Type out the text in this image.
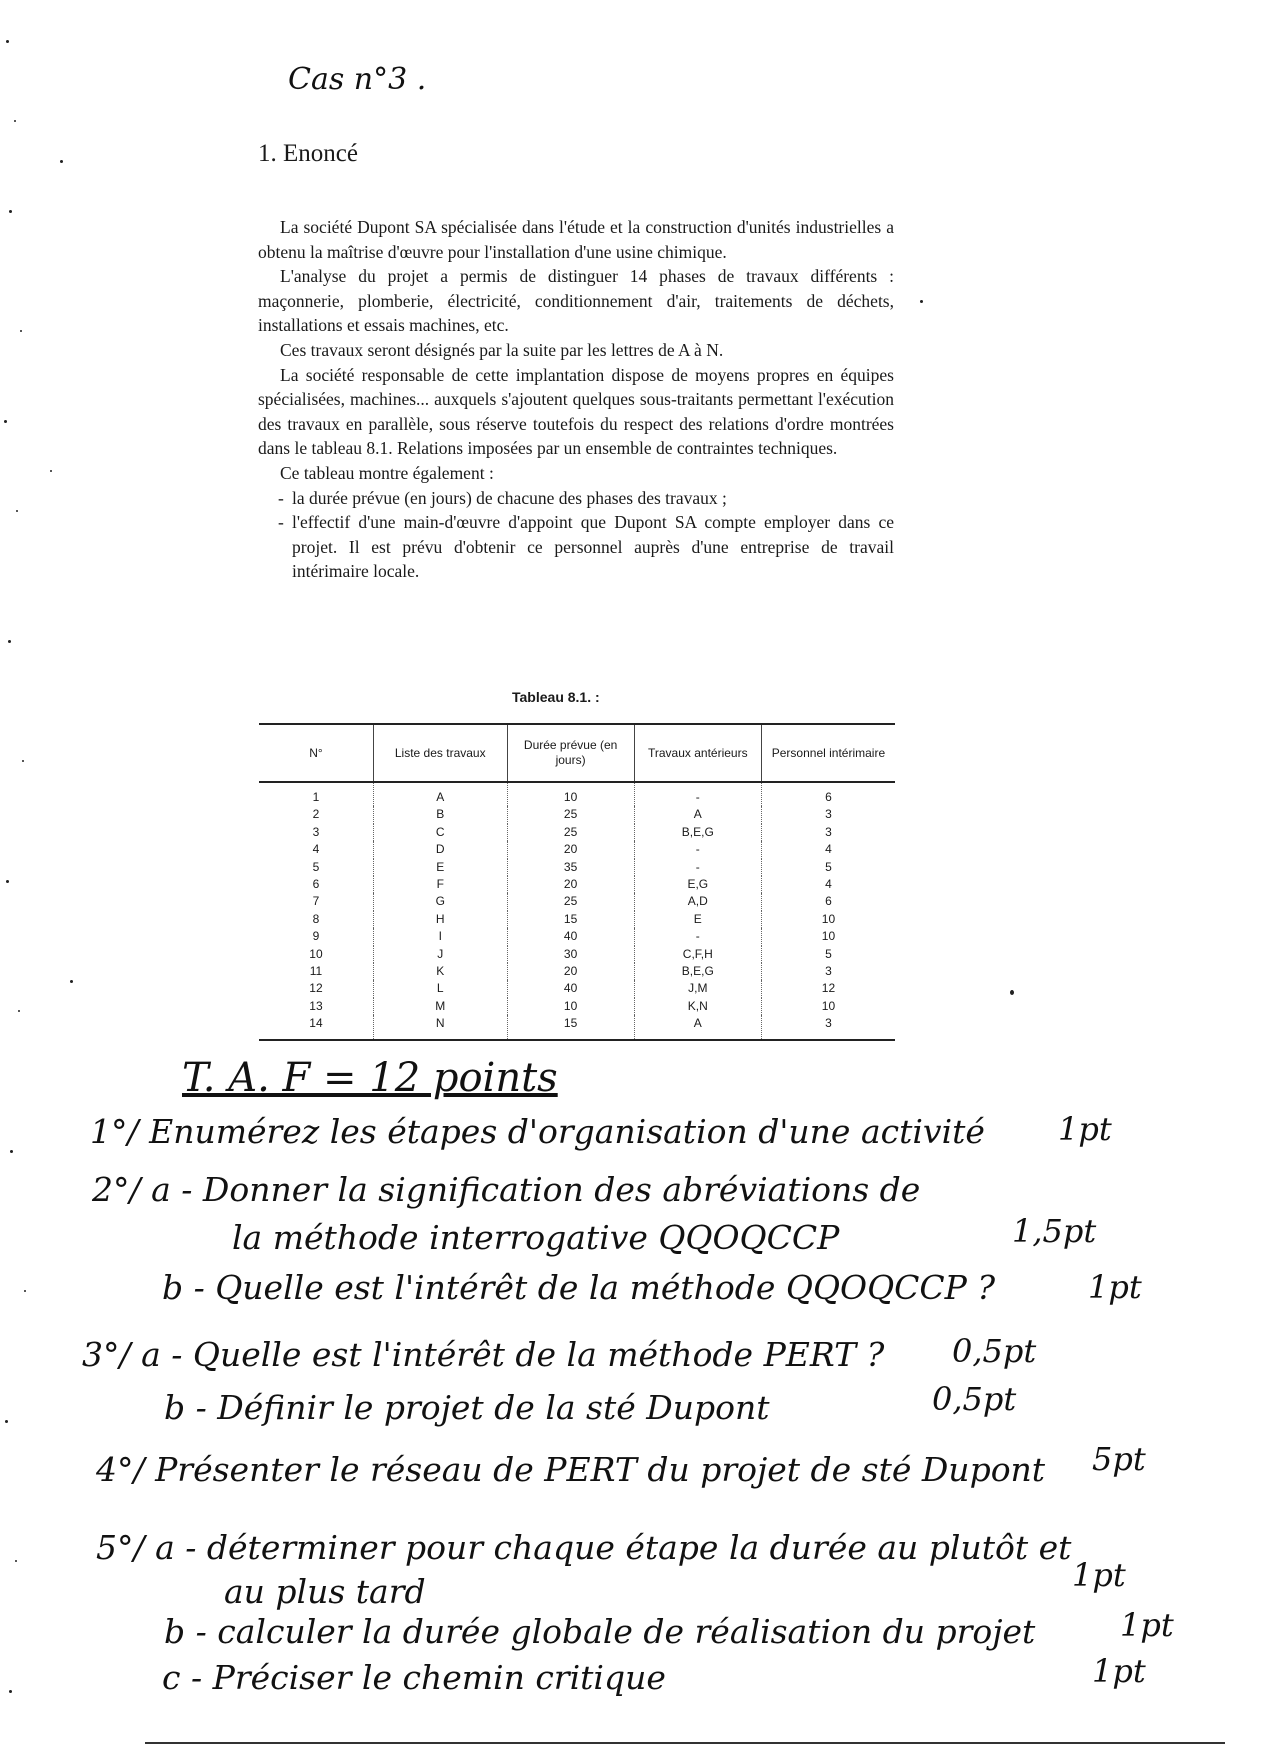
Cas n°3 .
1. Enoncé

La société Dupont SA spécialisée dans l'étude et la construction d'unités industrielles a obtenu la maîtrise d'œuvre pour l'installation d'une usine chimique.

L'analyse du projet a permis de distinguer 14 phases de travaux différents : maçonnerie, plomberie, électricité, conditionnement d'air, traitements de déchets, installations et essais machines, etc.

Ces travaux seront désignés par la suite par les lettres de A à N.

La société responsable de cette implantation dispose de moyens propres en équipes spécialisées, machines... auxquels s'ajoutent quelques sous-traitants permettant l'exécution des travaux en parallèle, sous réserve toutefois du respect des relations d'ordre montrées dans le tableau 8.1. Relations imposées par un ensemble de contraintes techniques.

Ce tableau montre également :

- la durée prévue (en jours) de chacune des phases des travaux ;
- l'effectif d'une main-d'œuvre d'appoint que Dupont SA compte employer dans ce projet. Il est prévu d'obtenir ce personnel auprès d'une entreprise de travail intérimaire locale.
Tableau 8.1. :
N°	Liste des travaux	Durée prévue (en jours)	Travaux antérieurs	Personnel intérimaire
1	A	10	-	6
2	B	25	A	3
3	C	25	B,E,G	3
4	D	20	-	4
5	E	35	-	5
6	F	20	E,G	4
7	G	25	A,D	6
8	H	15	E	10
9	I	40	-	10
10	J	30	C,F,H	5
11	K	20	B,E,G	3
12	L	40	J,M	12
13	M	10	K,N	10
14	N	15	A	3
T. A. F = 12 points
1°/ Enumérez les étapes d'organisation d'une activité 1pt
2°/ a - Donner la signification des abréviations de
la méthode interrogative QQOQCCP	1,5pt
b - Quelle est l'intérêt de la méthode QQOQCCP ?	1pt
3°/ a - Quelle est l'intérêt de la méthode PERT ? 0,5pt
b - Définir le projet de la sté Dupont	0,5pt
4°/ Présenter le réseau de PERT du projet de sté Dupont 5pt
5°/ a - déterminer pour chaque étape la durée au plutôt et
au plus tard	1pt
b - calculer la durée globale de réalisation du projet	1pt
c - Préciser le chemin critique	1pt
